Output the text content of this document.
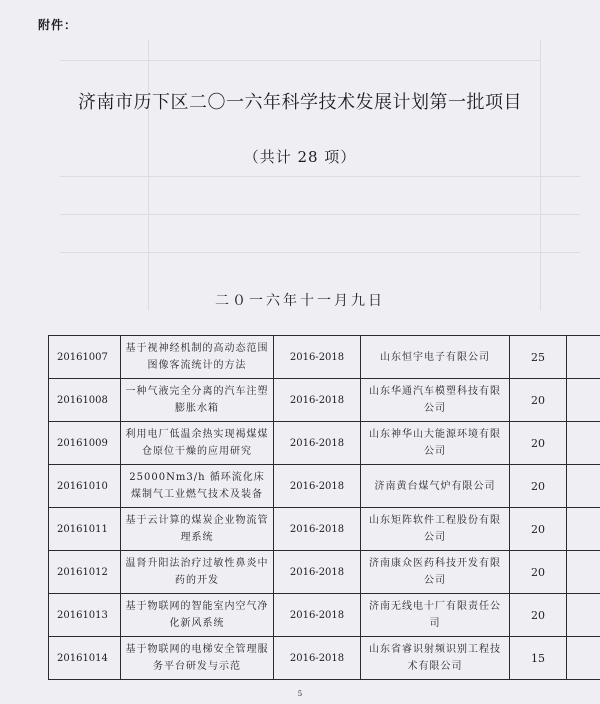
附件：
济南市历下区二〇一六年科学技术发展计划第一批项目
（共计 28 项）
二０一六年十一月九日
20161007	基于视神经机制的高动态范围图像客流统计的方法	2016-2018	山东恒宇电子有限公司	25	
20161008	一种气液完全分离的汽车注塑膨胀水箱	2016-2018	山东华通汽车模塑科技有限公司	20	
20161009	利用电厂低温余热实现褐煤煤仓原位干燥的应用研究	2016-2018	山东神华山大能源环境有限公司	20	
20161010	25000Nm3/h 循环流化床煤制气工业燃气技术及装备	2016-2018	济南黄台煤气炉有限公司	20	
20161011	基于云计算的煤炭企业物流管理系统	2016-2018	山东矩阵软件工程股份有限公司	20	
20161012	温肾升阳法治疗过敏性鼻炎中药的开发	2016-2018	济南康众医药科技开发有限公司	20	
20161013	基于物联网的智能室内空气净化新风系统	2016-2018	济南无线电十厂有限责任公司	20	
20161014	基于物联网的电梯安全管理服务平台研发与示范	2016-2018	山东省睿识射频识别工程技术有限公司	15	
5
